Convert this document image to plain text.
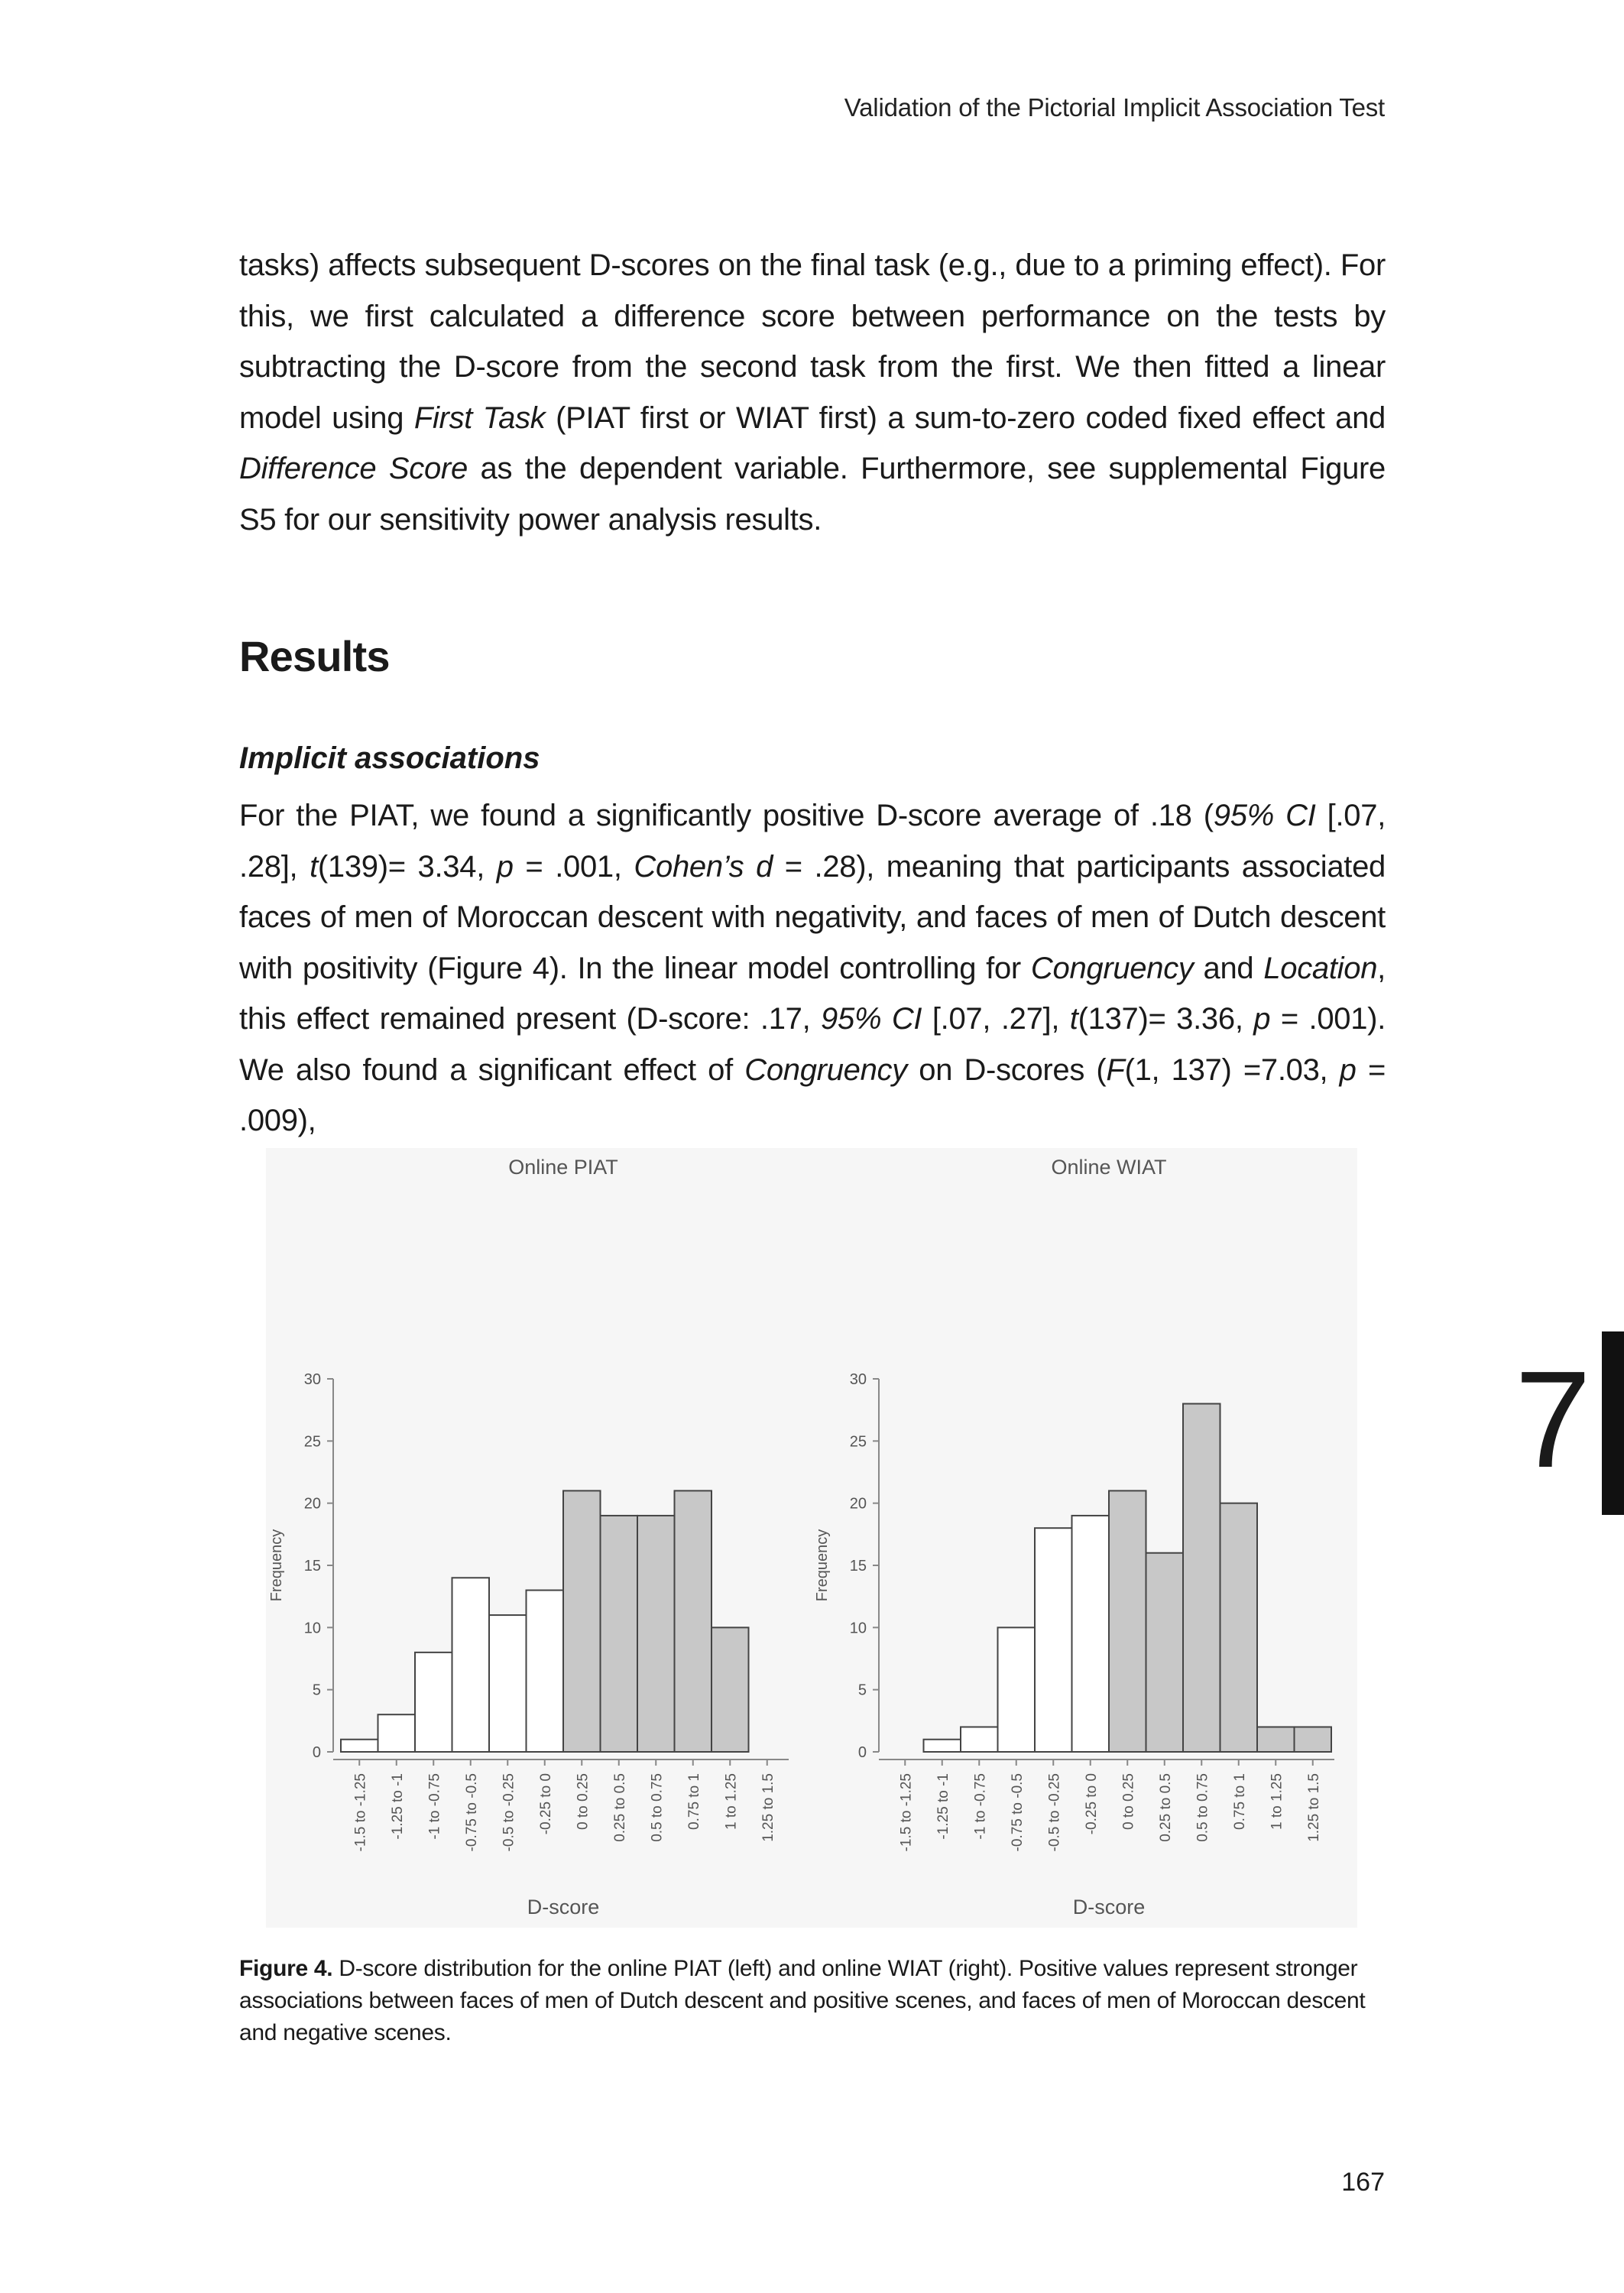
Validation of the Pictorial Implicit Association Test

tasks) affects subsequent D-scores on the final task (e.g., due to a priming effect). For this, we first calculated a difference score between performance on the tests by subtracting the D-score from the second task from the first. We then fitted a linear model using First Task (PIAT first or WIAT first) a sum-to-zero coded fixed effect and Difference Score as the dependent variable. Furthermore, see supplemental Figure S5 for our sensitivity power analysis results.

Results
Implicit associations

For the PIAT, we found a significantly positive D-score average of .18 (95% CI [.07, .28], t(139)= 3.34, p = .001, Cohen’s d = .28), meaning that participants associated faces of men of Moroccan descent with negativity, and faces of men of Dutch descent with positivity (Figure 4). In the linear model controlling for Congruency and Location, this effect remained present (D-score: .17, 95% CI [.07, .27], t(137)= 3.36, p = .001). We also found a significant effect of Congruency on D-scores (F(1, 137) =7.03, p = .009),

Online PIAT
0
5
10
15
20
25
30
Frequency
-1.5 to -1.25 -1.25 to -1 -1 to -0.75 -0.75 to -0.5 -0.5 to -0.25 -0.25 to 0 0 to 0.25 0.25 to 0.5 0.5 to 0.75 0.75 to 1 1 to 1.25 1.25 to 1.5
D-score
Online WIAT
0
5
10
15
20
25
30
Frequency
-1.5 to -1.25 -1.25 to -1 -1 to -0.75 -0.75 to -0.5 -0.5 to -0.25 -0.25 to 0 0 to 0.25 0.25 to 0.5 0.5 to 0.75 0.75 to 1 1 to 1.25 1.25 to 1.5
D-score

Figure 4. D-score distribution for the online PIAT (left) and online WIAT (right). Positive values represent stronger associations between faces of men of Dutch descent and positive scenes, and faces of men of Moroccan descent and negative scenes.

7
167
